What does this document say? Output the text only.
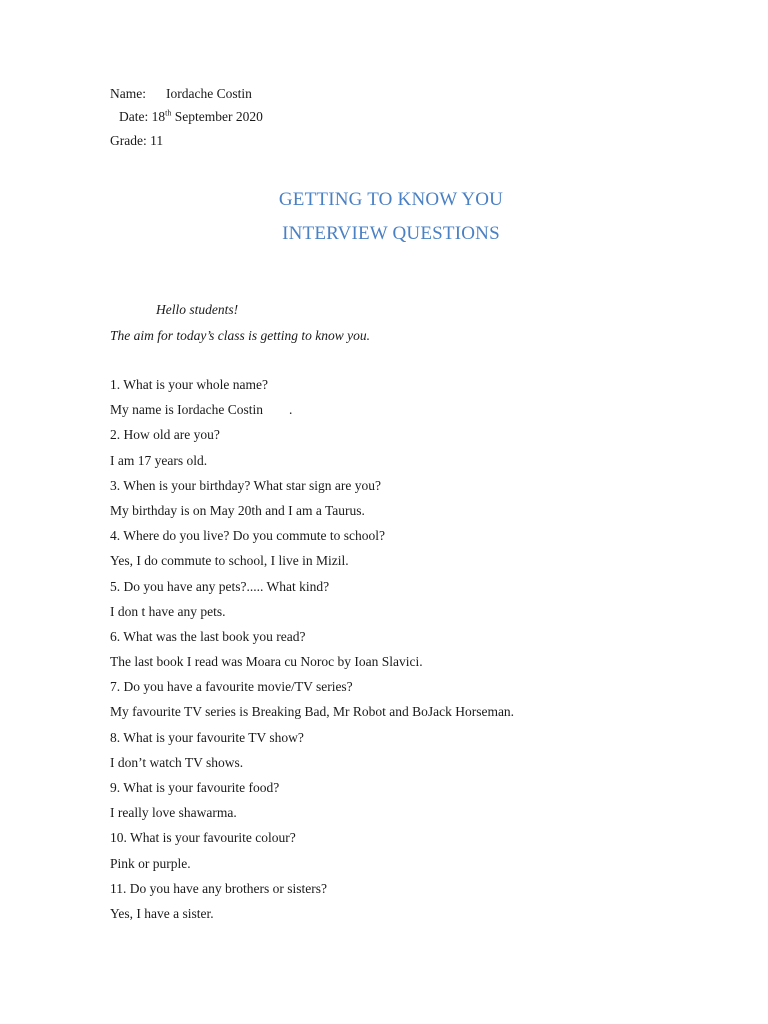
Name: Iordache Costin
Date: 18th September 2020
Grade: 11
GETTING TO KNOW YOU
INTERVIEW QUESTIONS
Hello students!
The aim for today’s class is getting to know you.
1. What is your whole name?
My name is Iordache Costin .
2. How old are you?
I am 17 years old.
3. When is your birthday? What star sign are you?
My birthday is on May 20th and I am a Taurus.
4. Where do you live? Do you commute to school?
Yes, I do commute to school, I live in Mizil.
5. Do you have any pets?..... What kind?
I don t have any pets.
6. What was the last book you read?
The last book I read was Moara cu Noroc by Ioan Slavici.
7. Do you have a favourite movie/TV series?
My favourite TV series is Breaking Bad, Mr Robot and BoJack Horseman.
8. What is your favourite TV show?
I don’t watch TV shows.
9. What is your favourite food?
I really love shawarma.
10. What is your favourite colour?
Pink or purple.
11. Do you have any brothers or sisters?
Yes, I have a sister.
